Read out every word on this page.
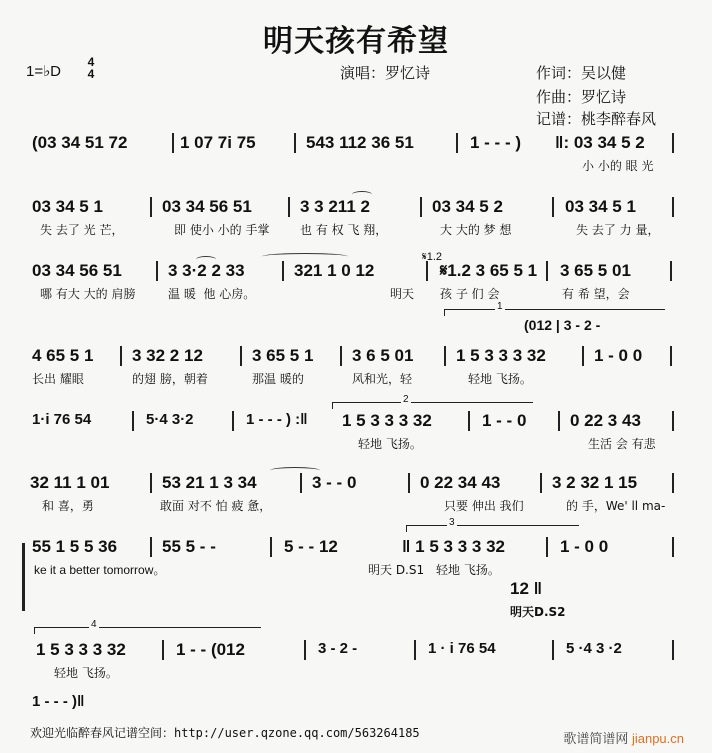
明天孩有希望
1=♭D
4
4	演唱：罗忆诗	作词：吴以健
作曲：罗忆诗
记谱：桃李醉春风
(03 34 51 72	1 07 7i 75	543 112 36 51	1 - - - ) ‖: 03 34 5 2
小 小的 眼 光
03 34 5 1
失 去了 光 芒，
03 34 56 51
即 使小 小的 手掌
3 3 211 2
也 有 权 飞 翔，
03 34 5 2
大 大的 梦 想
03 34 5 1
失 去了 力 量，
03 34 56 51
哪 有大 大的 肩膀
3 3·2 2 33
温 暖  他 心房。
321 1 0 12
明天
𝄋1.2
𝄋1.2 3 65 5 1
孩 子 们 会
3 65 5 01
有 希 望，会
1
(012 | 3 - 2 -
4 65 5 1
长出 耀眼
3 32 2 12
的翅 膀，朝着
3 65 5 1
那温 暖的
3 6 5 01
风和光，轻
1 5 3 3 3 32
轻地 飞扬。
1 - 0 0
1·i 76 54	5·4 3·2	1 - - - ) :‖
2
1 5 3 3 3 32
轻地 飞扬。
1 - - 0	0 22 3 43
生活 会 有悲
32 11 1 01
和 喜，勇
53 21 1 3 34
敢面 对不 怕 疲 惫，
3 - - 0	0 22 34 43
只要 伸出 我们
3 2 32 1 15
的 手，We' ll ma-
55 1 5 5 36
ke it a better tomorrow。
55 5 - -	5 - - 12
明天 D.S1
3
‖ 1 5 3 3 3 32
轻地 飞扬。
1 - 0 0
12 ‖
明天D.S2
4
1 5 3 3 3 32
轻地 飞扬。
1 - - (012	3 - 2 -	1 · i 76 54	5 ·4 3 ·2
1 - - - )‖
欢迎光临醉春风记谱空间：http://user.qzone.qq.com/563264185	歌谱简谱网 jianpu.cn
